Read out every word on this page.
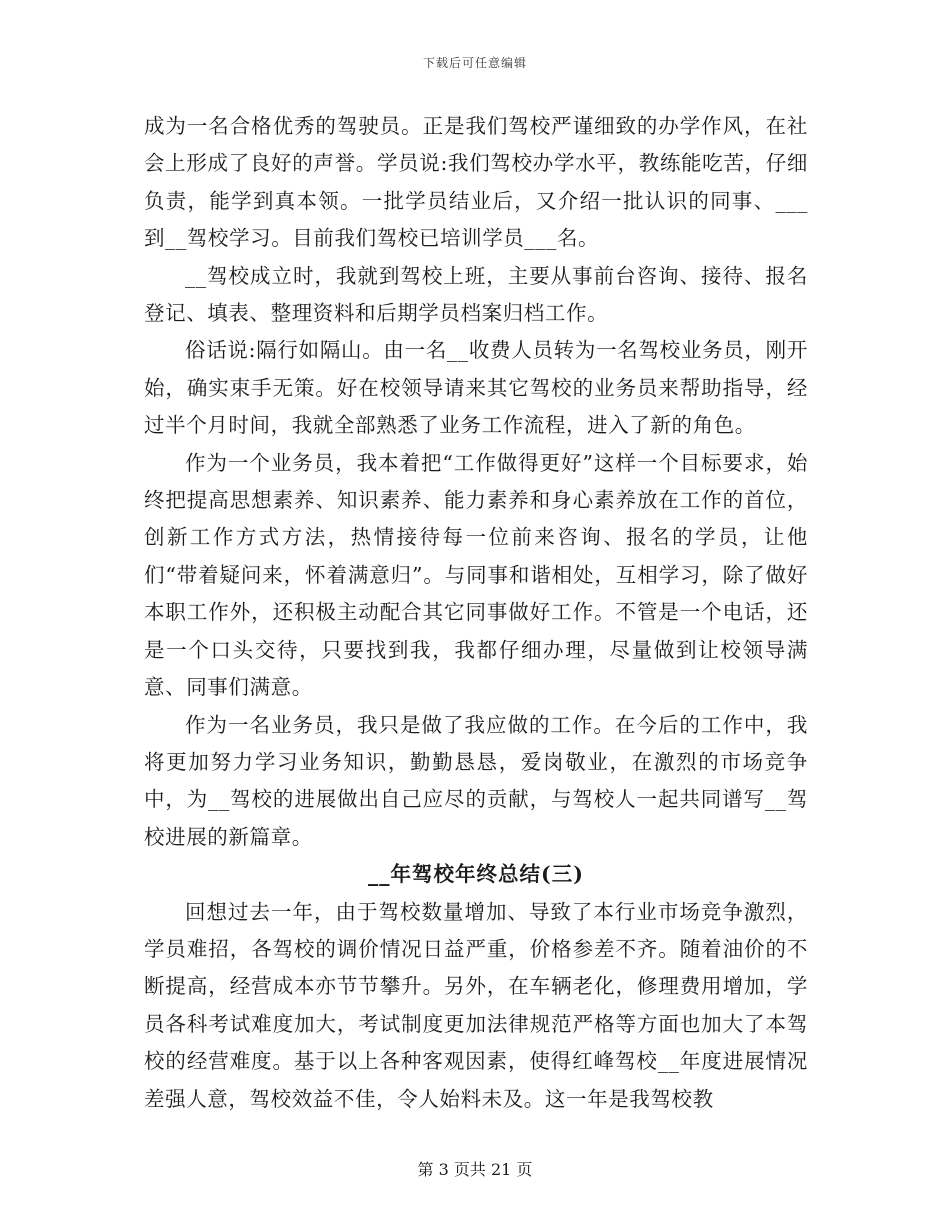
下载后可任意编辑

成为一名合格优秀的驾驶员。正是我们驾校严谨细致的办学作风，在社会上形成了良好的声誉。学员说:我们驾校办学水平，教练能吃苦，仔细负责，能学到真本领。一批学员结业后，又介绍一批认识的同事、___到__驾校学习。目前我们驾校已培训学员___名。

__驾校成立时，我就到驾校上班，主要从事前台咨询、接待、报名登记、填表、整理资料和后期学员档案归档工作。

俗话说:隔行如隔山。由一名__收费人员转为一名驾校业务员，刚开始，确实束手无策。好在校领导请来其它驾校的业务员来帮助指导，经过半个月时间，我就全部熟悉了业务工作流程，进入了新的角色。

作为一个业务员，我本着把“工作做得更好”这样一个目标要求，始终把提高思想素养、知识素养、能力素养和身心素养放在工作的首位，创新工作方式方法，热情接待每一位前来咨询、报名的学员，让他们“带着疑问来，怀着满意归”。与同事和谐相处，互相学习，除了做好本职工作外，还积极主动配合其它同事做好工作。不管是一个电话，还是一个口头交待，只要找到我，我都仔细办理，尽量做到让校领导满意、同事们满意。

作为一名业务员，我只是做了我应做的工作。在今后的工作中，我将更加努力学习业务知识，勤勤恳恳，爱岗敬业，在激烈的市场竞争中，为__驾校的进展做出自己应尽的贡献，与驾校人一起共同谱写__驾校进展的新篇章。

__年驾校年终总结(三)

回想过去一年，由于驾校数量增加、导致了本行业市场竞争激烈，学员难招，各驾校的调价情况日益严重，价格参差不齐。随着油价的不断提高，经营成本亦节节攀升。另外，在车辆老化，修理费用增加，学员各科考试难度加大，考试制度更加法律规范严格等方面也加大了本驾校的经营难度。基于以上各种客观因素，使得红峰驾校__年度进展情况差强人意，驾校效益不佳，令人始料未及。这一年是我驾校教

第 3 页共 21 页
